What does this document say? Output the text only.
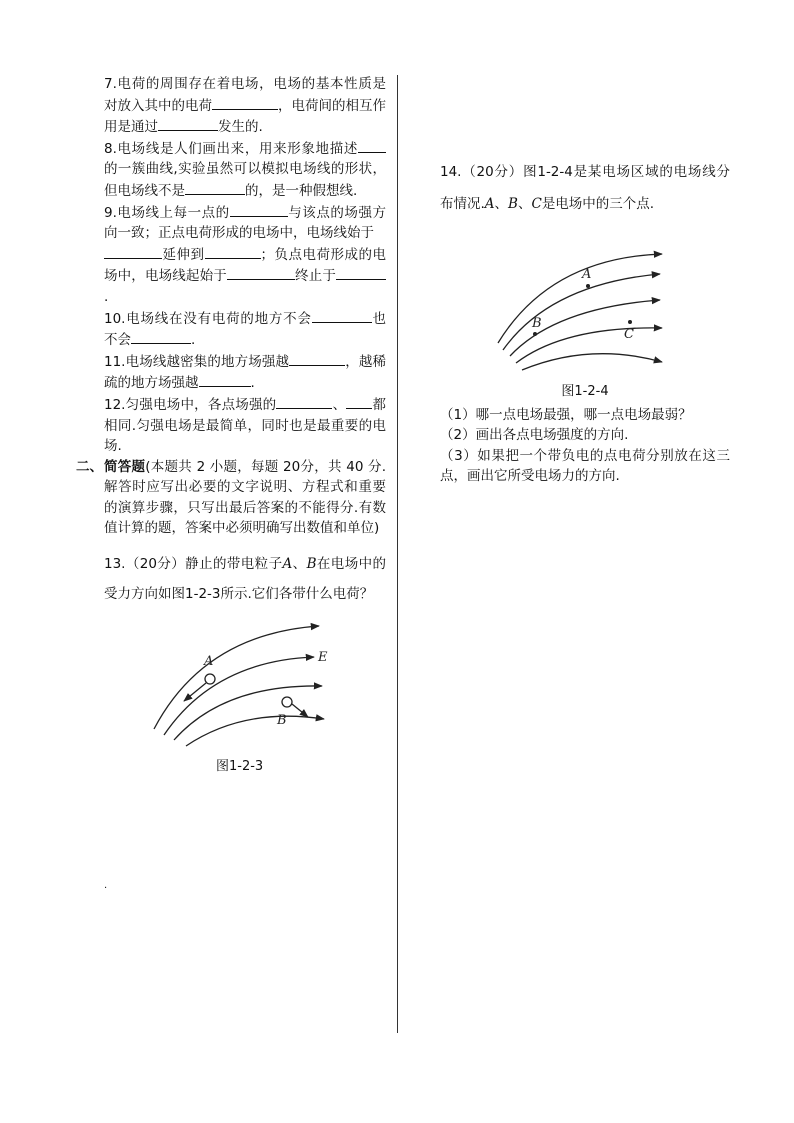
7.电荷的周围存在着电场，电场的基本性质是对放入其中的电荷	，电荷间的相互作用是通过	发生的.

8.电场线是人们画出来，用来形象地描述的一簇曲线,实验虽然可以模拟电场线的形状，但电场线不是	的，是一种假想线.

9.电场线上每一点的	与该点的场强方向一致；正点电荷形成的电场中，电场线始于
延伸到	；负点电荷形成的电场中，电场线起始于	终止于.

10.电场线在没有电荷的地方不会	也不会	.

11.电场线越密集的地方场强越	，越稀疏的地方场强越	.

12.匀强电场中，各点场强的	、 都相同.匀强电场是最简单，同时也是最重要的电场.

二、 简答题(本题共 2 小题，每题 20分，共 40 分.解答时应写出必要的文字说明、方程式和重要的演算步骤，只写出最后答案的不能得分.有数值计算的题，答案中必须明确写出数值和单位)

13.（20分）静止的带电粒子A、B在电场中的受力方向如图1-2-3所示.它们各带什么电荷？

A
B
E
图1-2-3
.

14.（20分）图1-2-4是某电场区域的电场线分布情况.A、B、C是电场中的三个点.

A
B
C
图1-2-4

（1）哪一点电场最强，哪一点电场最弱？

（2）画出各点电场强度的方向.

（3）如果把一个带负电的点电荷分别放在这三点，画出它所受电场力的方向.
